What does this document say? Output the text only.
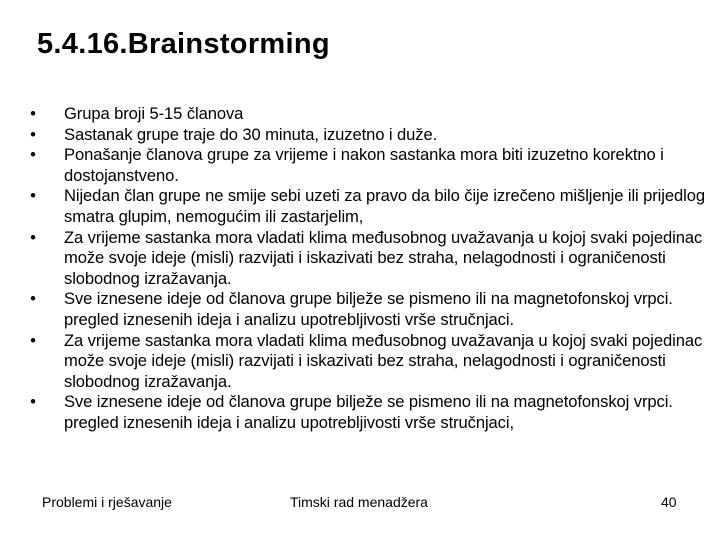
5.4.16.Brainstorming
• Grupa broji 5-15 članova
• Sastanak grupe traje do 30 minuta, izuzetno i duže.
• Ponašanje članova grupe za vrijeme i nakon sastanka mora biti izuzetno korektno i dostojanstveno.
• Nijedan član grupe ne smije sebi uzeti za pravo da bilo čije izrečeno mišljenje ili prijedlog smatra glupim, nemogućim ili zastarjelim,
• Za vrijeme sastanka mora vladati klima međusobnog uvažavanja u kojoj svaki pojedinac može svoje ideje (misli) razvijati i iskazivati bez straha, nelagodnosti i ograničenosti slobodnog izražavanja.
• Sve iznesene ideje od članova grupe bilježe se pismeno ili na magnetofonskoj vrpci. pregled iznesenih ideja i analizu upotrebljivosti vrše stručnjaci.
• Za vrijeme sastanka mora vladati klima međusobnog uvažavanja u kojoj svaki pojedinac može svoje ideje (misli) razvijati i iskazivati bez straha, nelagodnosti i ograničenosti slobodnog izražavanja.
• Sve iznesene ideje od članova grupe bilježe se pismeno ili na magnetofonskoj vrpci. pregled iznesenih ideja i analizu upotrebljivosti vrše stručnjaci,
Problemi i rješavanje	Timski rad menadžera	40
